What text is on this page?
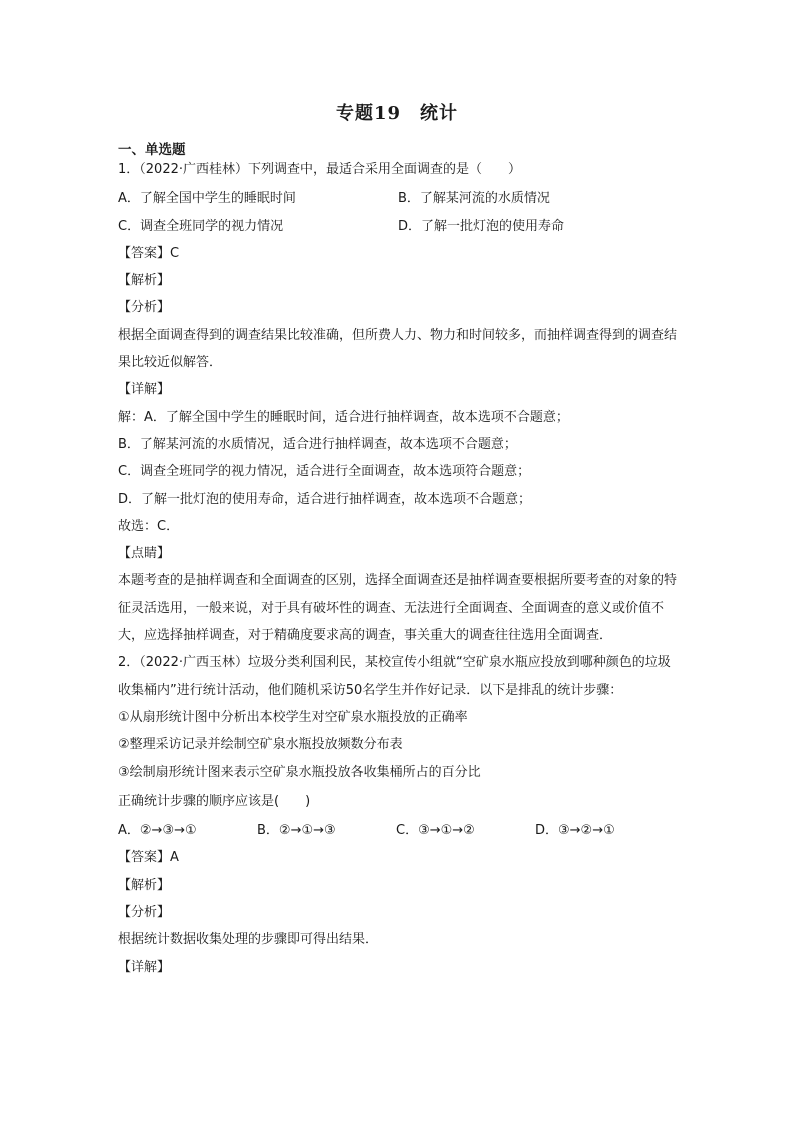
专题19　统计
一、单选题
1．（2022·广西桂林）下列调查中，最适合采用全面调查的是（　　）
A．了解全国中学生的睡眠时间	B．了解某河流的水质情况
C．调查全班同学的视力情况	D．了解一批灯泡的使用寿命
【答案】C
【解析】
【分析】
根据全面调查得到的调查结果比较准确，但所费人力、物力和时间较多，而抽样调查得到的调查结果比较近似解答．
【详解】
解：A．了解全国中学生的睡眠时间，适合进行抽样调查，故本选项不合题意；
B．了解某河流的水质情况，适合进行抽样调查，故本选项不合题意；
C．调查全班同学的视力情况，适合进行全面调查，故本选项符合题意；
D．了解一批灯泡的使用寿命，适合进行抽样调查，故本选项不合题意；
故选：C．
【点睛】
本题考查的是抽样调查和全面调查的区别，选择全面调查还是抽样调查要根据所要考查的对象的特征灵活选用，一般来说，对于具有破坏性的调查、无法进行全面调查、全面调查的意义或价值不大，应选择抽样调查，对于精确度要求高的调查，事关重大的调查往往选用全面调查．
2．（2022·广西玉林）垃圾分类利国利民，某校宣传小组就“空矿泉水瓶应投放到哪种颜色的垃圾收集桶内”进行统计活动，他们随机采访50名学生并作好记录．以下是排乱的统计步骤：
①从扇形统计图中分析出本校学生对空矿泉水瓶投放的正确率
②整理采访记录并绘制空矿泉水瓶投放频数分布表
③绘制扇形统计图来表示空矿泉水瓶投放各收集桶所占的百分比
正确统计步骤的顺序应该是(　　)
A．②→③→①	B．②→①→③	C．③→①→②	D．③→②→①
【答案】A
【解析】
【分析】
根据统计数据收集处理的步骤即可得出结果．
【详解】
